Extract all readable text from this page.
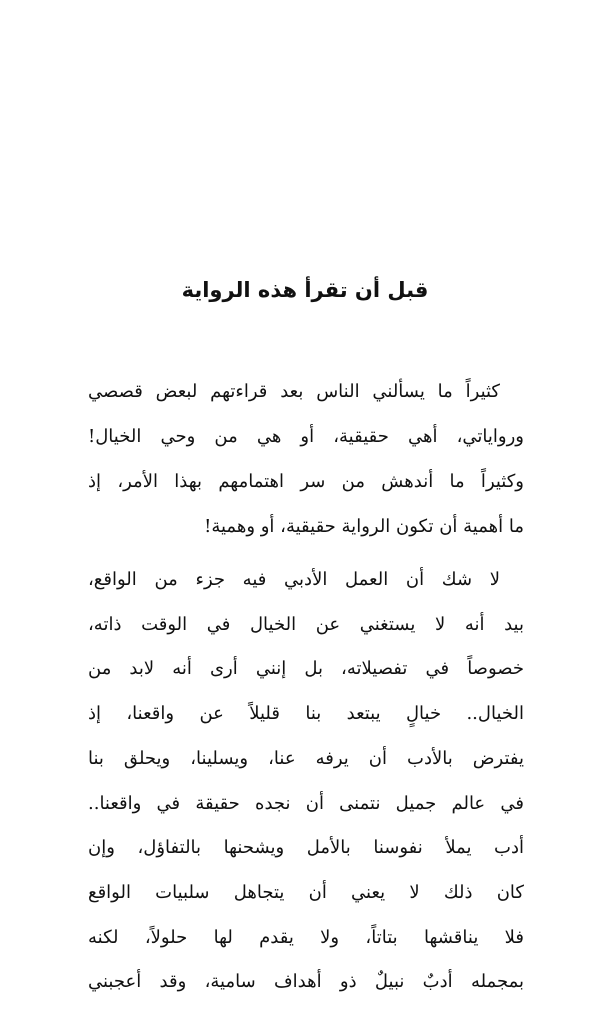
قبل أن تقرأ هذه الرواية

كثيراً ما يسألني الناس بعد قراءتهم لبعض قصصي
ورواياتي، أهي حقيقية، أو هي من وحي الخيال!
وكثيراً ما أندهش من سر اهتمامهم بهذا الأمر، إذ
ما أهمية أن تكون الرواية حقيقية، أو وهمية!

لا شك أن العمل الأدبي فيه جزء من الواقع،
بيد أنه لا يستغني عن الخيال في الوقت ذاته،
خصوصاً في تفصيلاته، بل إنني أرى أنه لابد من
الخيال.. خيالٍ يبتعد بنا قليلاً عن واقعنا، إذ
يفترض بالأدب أن يرفه عنا، ويسلينا، ويحلق بنا
في عالم جميل نتمنى أن نجده حقيقة في واقعنا..
أدب يملأ نفوسنا بالأمل ويشحنها بالتفاؤل، وإن
كان ذلك لا يعني أن يتجاهل سلبيات الواقع
فلا يناقشها بتاتاً، ولا يقدم لها حلولاً، لكنه
بمجمله أدبٌ نبيلٌ ذو أهداف سامية، وقد أعجبني
